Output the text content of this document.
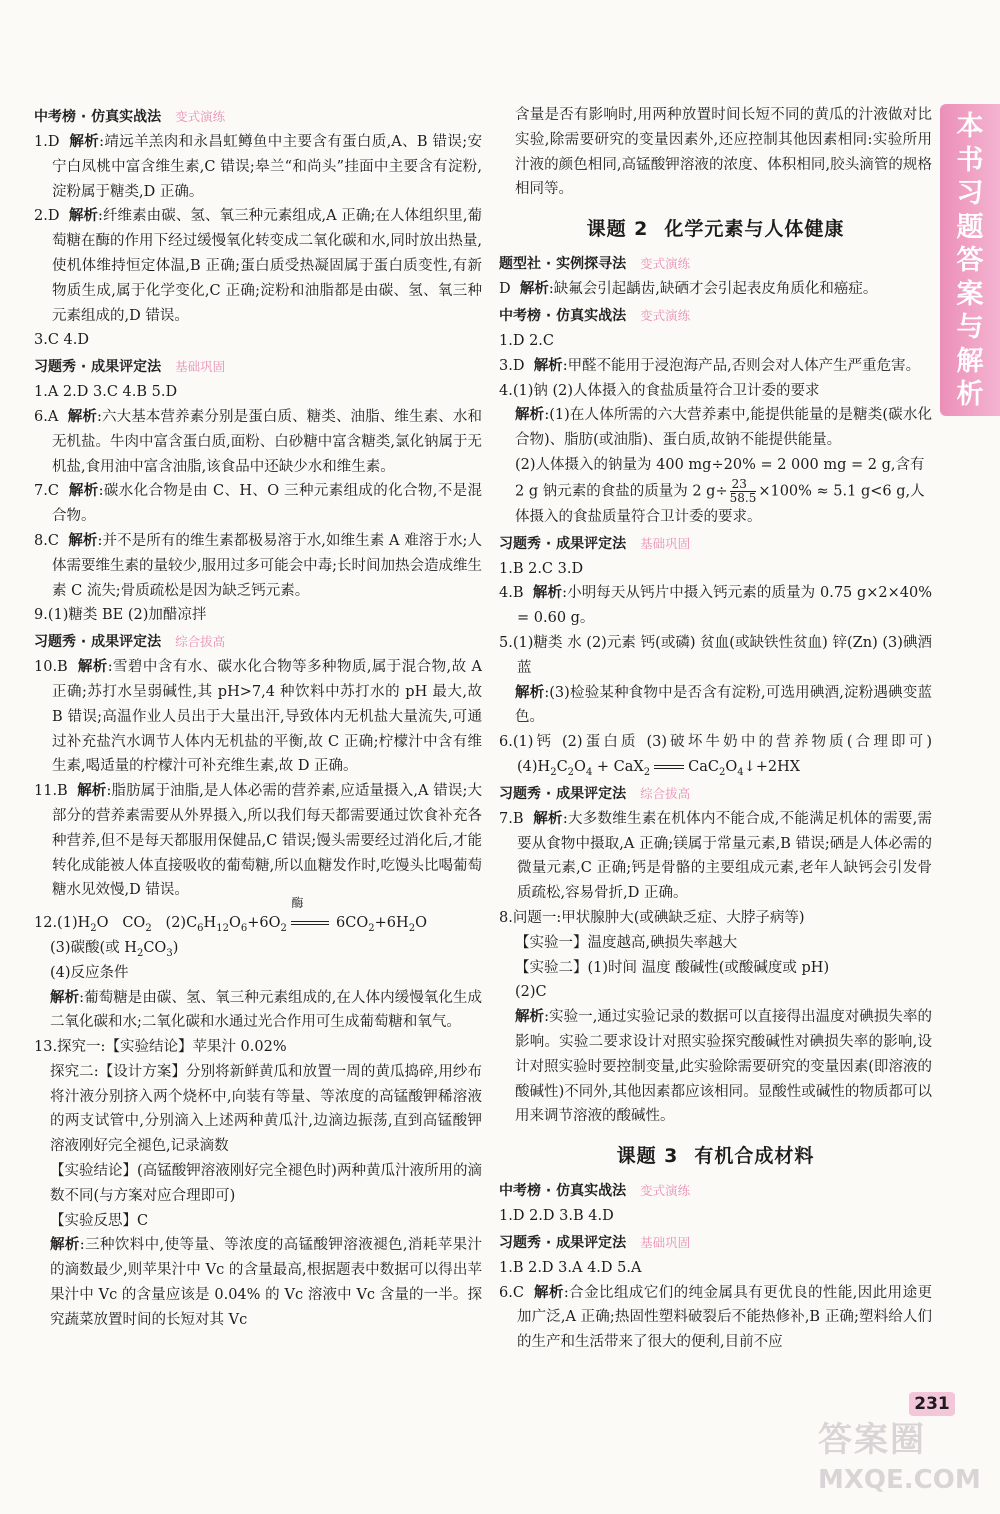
中考榜 · 仿真实战法 变式演练

1.D 解析:靖远羊羔肉和永昌虹鳟鱼中主要含有蛋白质,A、B 错误;安宁白凤桃中富含维生素,C 错误;皋兰“和尚头”挂面中主要含有淀粉,淀粉属于糖类,D 正确。

2.D 解析:纤维素由碳、氢、氧三种元素组成,A 正确;在人体组织里,葡萄糖在酶的作用下经过缓慢氧化转变成二氧化碳和水,同时放出热量,使机体维持恒定体温,B 正确;蛋白质受热凝固属于蛋白质变性,有新物质生成,属于化学变化,C 正确;淀粉和油脂都是由碳、氢、氧三种元素组成的,D 错误。

3.C 4.D

习题秀 · 成果评定法 基础巩固

1.A 2.D 3.C 4.B 5.D

6.A 解析:六大基本营养素分别是蛋白质、糖类、油脂、维生素、水和无机盐。牛肉中富含蛋白质,面粉、白砂糖中富含糖类,氯化钠属于无机盐,食用油中富含油脂,该食品中还缺少水和维生素。

7.C 解析:碳水化合物是由 C、H、O 三种元素组成的化合物,不是混合物。

8.C 解析:并不是所有的维生素都极易溶于水,如维生素 A 难溶于水;人体需要维生素的量较少,服用过多可能会中毒;长时间加热会造成维生素 C 流失;骨质疏松是因为缺乏钙元素。

9.(1)糖类 BE (2)加醋凉拌

习题秀 · 成果评定法 综合拔高

10.B 解析:雪碧中含有水、碳水化合物等多种物质,属于混合物,故 A 正确;苏打水呈弱碱性,其 pH>7,4 种饮料中苏打水的 pH 最大,故 B 错误;高温作业人员出于大量出汗,导致体内无机盐大量流失,可通过补充盐汽水调节人体内无机盐的平衡,故 C 正确;柠檬汁中含有维生素,喝适量的柠檬汁可补充维生素,故 D 正确。

11.B 解析:脂肪属于油脂,是人体必需的营养素,应适量摄入,A 错误;大部分的营养素需要从外界摄入,所以我们每天都需要通过饮食补充各种营养,但不是每天都服用保健品,C 错误;馒头需要经过消化后,才能转化成能被人体直接吸收的葡萄糖,所以血糖发作时,吃馒头比喝葡萄糖水见效慢,D 错误。

$12.(1)H_2O$   $CO_2$   $(2)C_6H_{12}O_6+6O_2$
酶
$6CO_2+6H_2O$

(3)碳酸(或 $H_2CO_3$)

(4)反应条件

解析:葡萄糖是由碳、氢、氧三种元素组成的,在人体内缓慢氧化生成二氧化碳和水;二氧化碳和水通过光合作用可生成葡萄糖和氧气。

13.探究一:【实验结论】苹果汁 0.02%

探究二:【设计方案】分别将新鲜黄瓜和放置一周的黄瓜捣碎,用纱布将汁液分别挤入两个烧杯中,向装有等量、等浓度的高锰酸钾稀溶液的两支试管中,分别滴入上述两种黄瓜汁,边滴边振荡,直到高锰酸钾溶液刚好完全褪色,记录滴数

【实验结论】(高锰酸钾溶液刚好完全褪色时)两种黄瓜汁液所用的滴数不同(与方案对应合理即可)

【实验反思】C

解析:三种饮料中,使等量、等浓度的高锰酸钾溶液褪色,消耗苹果汁的滴数最少,则苹果汁中 Vc 的含量最高,根据题表中数据可以得出苹果汁中 Vc 的含量应该是 0.04% 的 Vc 溶液中 Vc 含量的一半。探究蔬菜放置时间的长短对其 Vc

含量是否有影响时,用两种放置时间长短不同的黄瓜的汁液做对比实验,除需要研究的变量因素外,还应控制其他因素相同:实验所用汁液的颜色相同,高锰酸钾溶液的浓度、体积相同,胶头滴管的规格相同等。

课题 2 化学元素与人体健康
题型社 · 实例探寻法 变式演练

D 解析:缺氟会引起龋齿,缺硒才会引起表皮角质化和癌症。

中考榜 · 仿真实战法 变式演练

1.D 2.C

3.D 解析:甲醛不能用于浸泡海产品,否则会对人体产生严重危害。

4.(1)钠 (2)人体摄入的食盐质量符合卫计委的要求

解析:(1)在人体所需的六大营养素中,能提供能量的是糖类(碳水化合物)、脂肪(或油脂)、蛋白质,故钠不能提供能量。

(2)人体摄入的钠量为 400 mg÷20% = 2 000 mg = 2 g,含有

2 g 钠元素的食盐的质量为 2 $g\div \frac{23}{58.5} \times 100\% \approx 5.1$ g<6 g,人

体摄入的食盐质量符合卫计委的要求。

习题秀 · 成果评定法 基础巩固

1.B 2.C 3.D

4.B 解析:小明每天从钙片中摄入钙元素的质量为 0.75 g×2×40% = 0.60 g。

5.(1)糖类 水 (2)元素 钙(或磷) 贫血(或缺铁性贫血) 锌(Zn) (3)碘酒 蓝

解析:(3)检验某种食物中是否含有淀粉,可选用碘酒,淀粉遇碘变蓝色。

6.(1)钙 (2)蛋白质 (3)破坏牛奶中的营养物质(合理即可) $(4)H_2C_2O_4 + CaX_2$	$CaC_2O_4↓+2HX$

习题秀 · 成果评定法 综合拔高

7.B 解析:大多数维生素在机体内不能合成,不能满足机体的需要,需要从食物中摄取,A 正确;镁属于常量元素,B 错误;硒是人体必需的微量元素,C 正确;钙是骨骼的主要组成元素,老年人缺钙会引发骨质疏松,容易骨折,D 正确。

8.问题一:甲状腺肿大(或碘缺乏症、大脖子病等)

【实验一】温度越高,碘损失率越大

【实验二】(1)时间 温度 酸碱性(或酸碱度或 pH)

(2)C

解析:实验一,通过实验记录的数据可以直接得出温度对碘损失率的影响。实验二要求设计对照实验探究酸碱性对碘损失率的影响,设计对照实验时要控制变量,此实验除需要研究的变量因素(即溶液的酸碱性)不同外,其他因素都应该相同。显酸性或碱性的物质都可以用来调节溶液的酸碱性。

课题 3 有机合成材料
中考榜 · 仿真实战法 变式演练

1.D 2.D 3.B 4.D

习题秀 · 成果评定法 基础巩固

1.B 2.D 3.A 4.D 5.A

6.C 解析:合金比组成它们的纯金属具有更优良的性能,因此用途更加广泛,A 正确;热固性塑料破裂后不能热修补,B 正确;塑料给人们的生产和生活带来了很大的便利,目前不应

本
书
习
题
答
案
与
解
析
231
答案圈
MXQE.COM
